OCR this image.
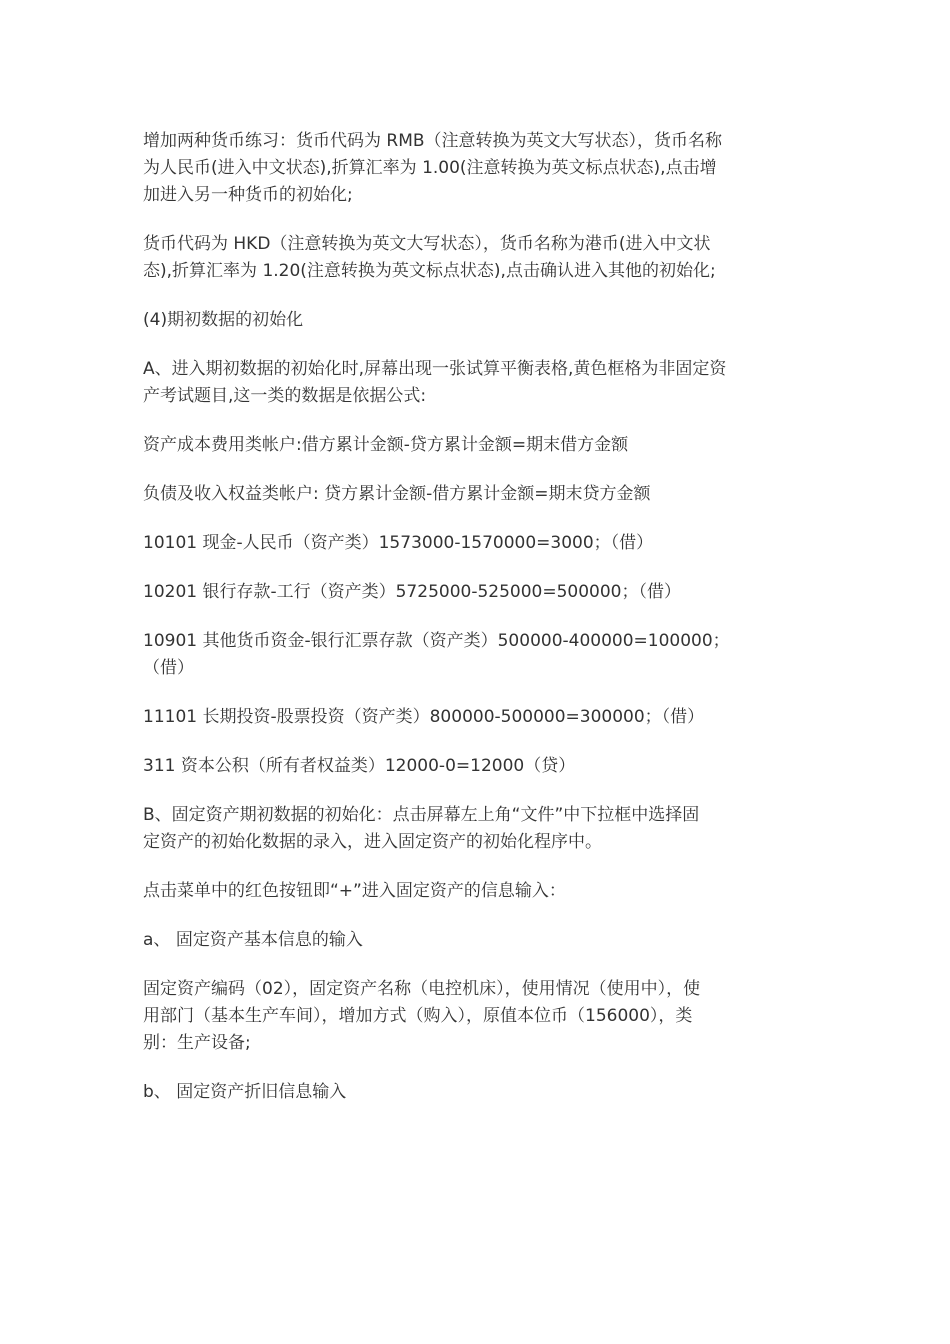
增加两种货币练习：货币代码为 RMB（注意转换为英文大写状态），货币名称
为人民币(进入中文状态),折算汇率为 1.00(注意转换为英文标点状态),点击增
加进入另一种货币的初始化;

货币代码为 HKD（注意转换为英文大写状态），货币名称为港币(进入中文状
态),折算汇率为 1.20(注意转换为英文标点状态),点击确认进入其他的初始化;

(4)期初数据的初始化

A、进入期初数据的初始化时,屏幕出现一张试算平衡表格,黄色框格为非固定资
产考试题目,这一类的数据是依据公式:

资产成本费用类帐户:借方累计金额-贷方累计金额=期末借方金额

负债及收入权益类帐户: 贷方累计金额-借方累计金额=期末贷方金额

10101 现金-人民币（资产类）1573000-1570000=3000；（借）

10201 银行存款-工行（资产类）5725000-525000=500000；（借）

10901 其他货币资金-银行汇票存款（资产类）500000-400000=100000；
（借）

11101 长期投资-股票投资（资产类）800000-500000=300000；（借）

311 资本公积（所有者权益类）12000-0=12000（贷）

B、固定资产期初数据的初始化：点击屏幕左上角“文件”中下拉框中选择固
定资产的初始化数据的录入，进入固定资产的初始化程序中。

点击菜单中的红色按钮即“+”进入固定资产的信息输入：

a、 固定资产基本信息的输入

固定资产编码（02），固定资产名称（电控机床），使用情况（使用中），使
用部门（基本生产车间），增加方式（购入），原值本位币（156000），类
别：生产设备;

b、 固定资产折旧信息输入
